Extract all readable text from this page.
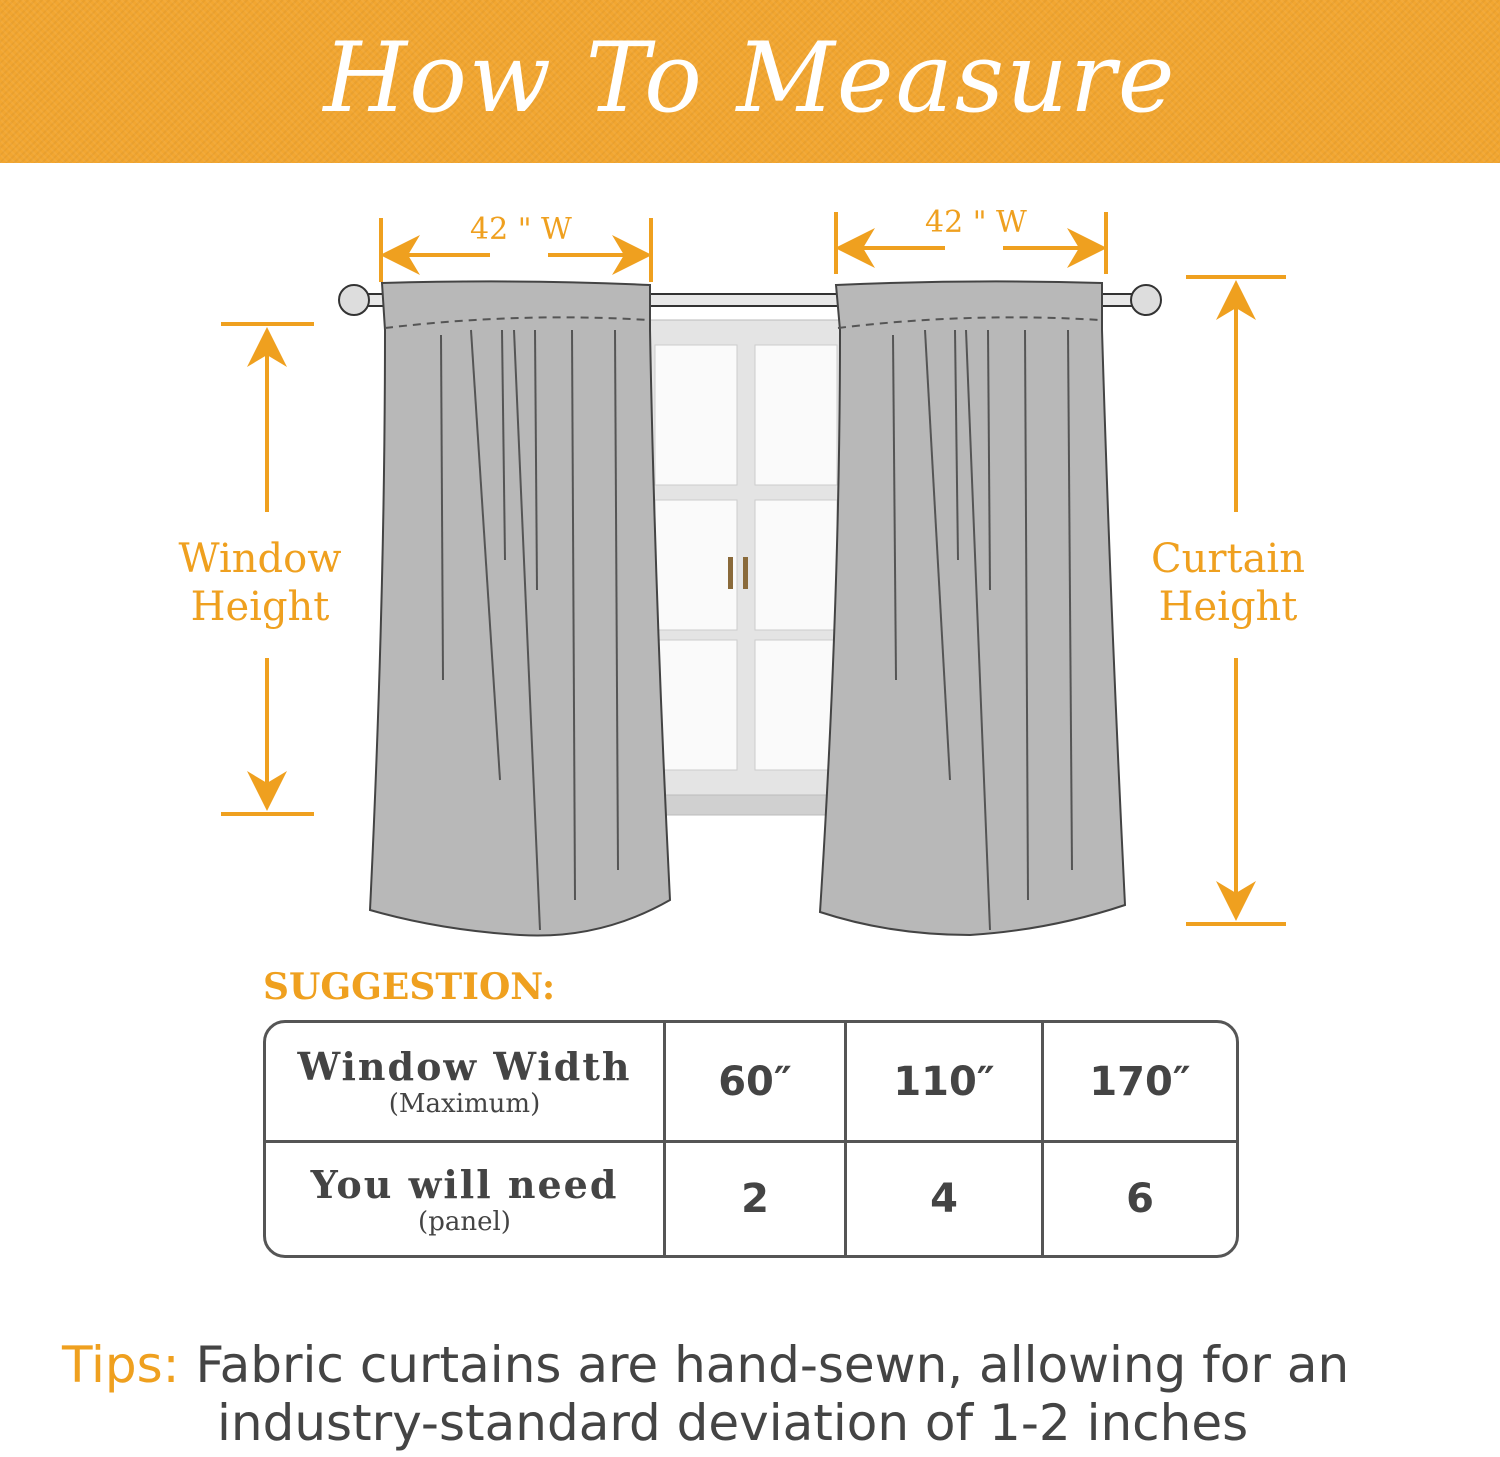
How To Measure
42 " W	42 " W
Window
Height
Curtain
Height
SUGGESTION:
Window Width
(Maximum)	60″	110″	170″
You will need
(panel)	2	4	6
Tips: Fabric curtains are hand-sewn, allowing for an
industry-standard deviation of 1-2 inches
